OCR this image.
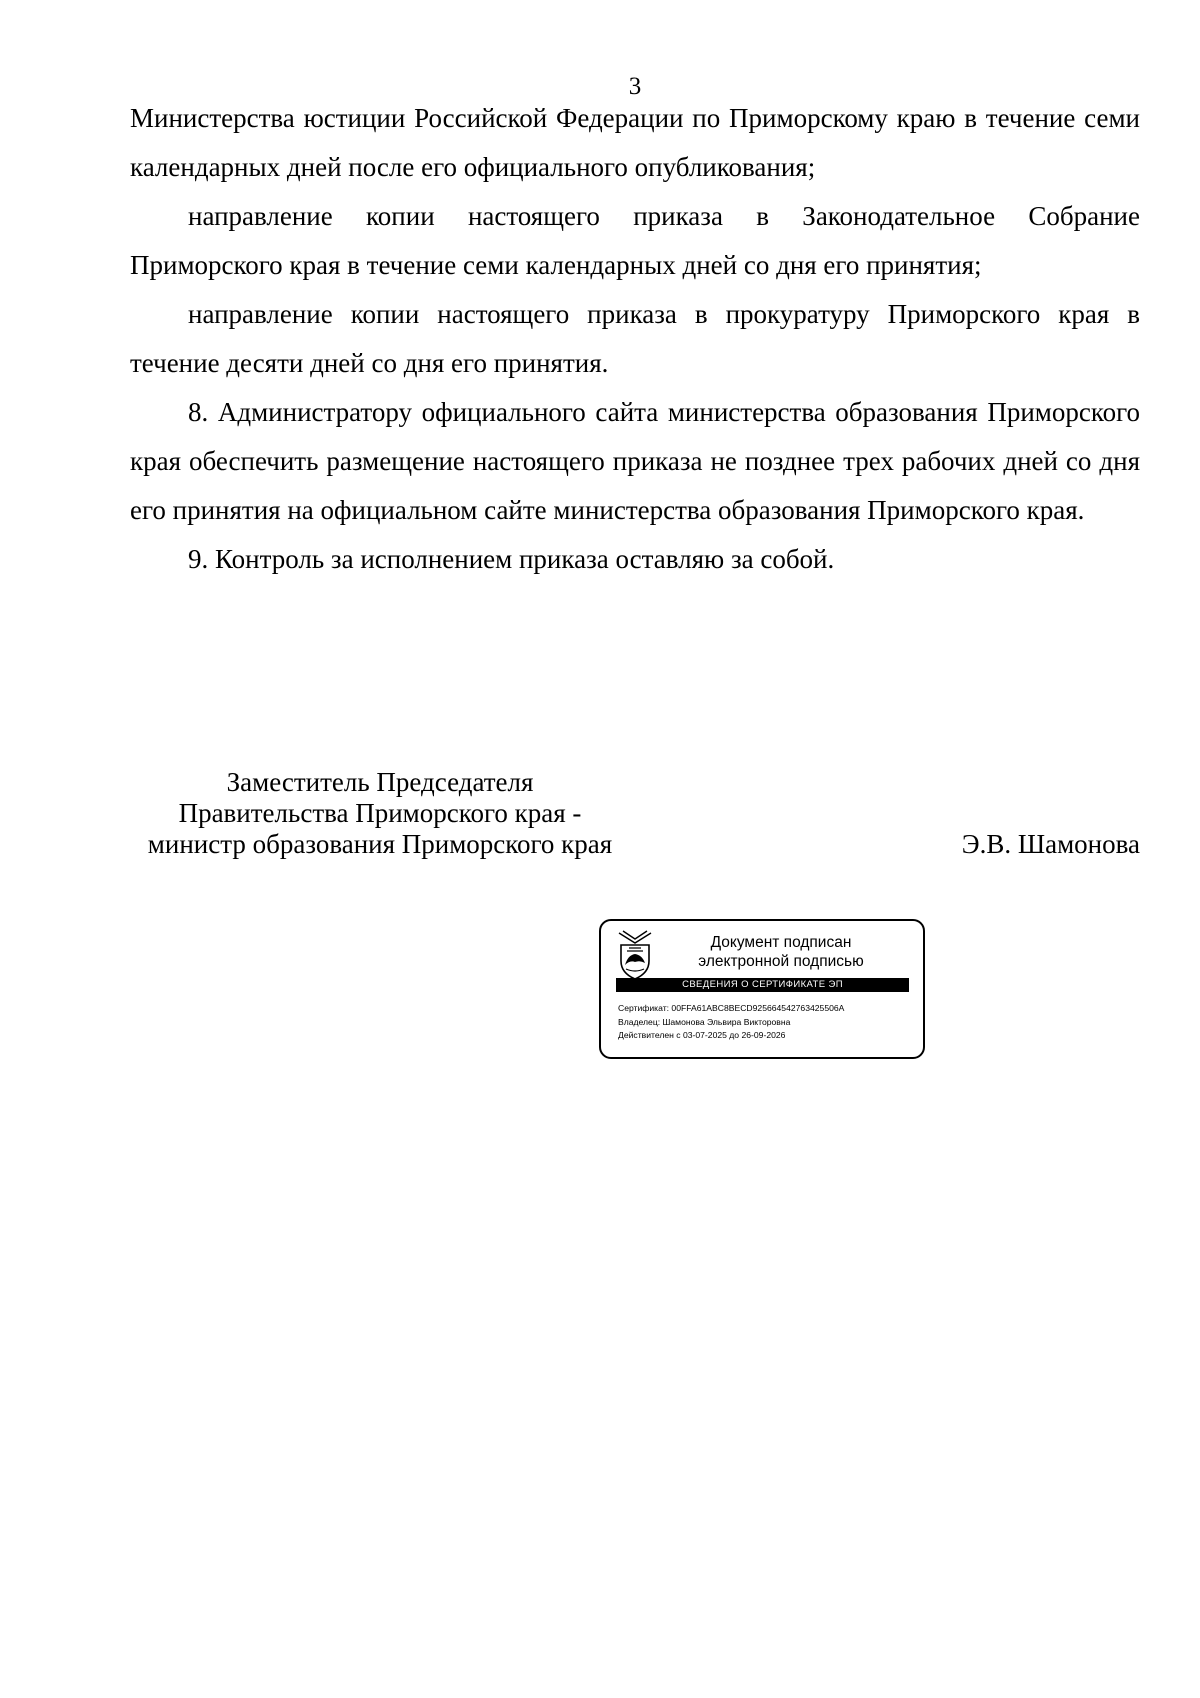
3

Министерства юстиции Российской Федерации по Приморскому краю в течение семи календарных дней после его официального опубликования;

направление копии настоящего приказа в Законодательное Собрание Приморского края в течение семи календарных дней со дня его принятия;

направление копии настоящего приказа в прокуратуру Приморского края в течение десяти дней со дня его принятия.

8. Администратору официального сайта министерства образования Приморского края обеспечить размещение настоящего приказа не позднее трех рабочих дней со дня его принятия на официальном сайте министерства образования Приморского края.

9. Контроль за исполнением приказа оставляю за собой.

Заместитель Председателя
Правительства Приморского края -
министр образования Приморского края	Э.В. Шамонова
Документ подписан
электронной подписью
СВЕДЕНИЯ О СЕРТИФИКАТЕ ЭП
Сертификат: 00FFA61ABC8BECD925664542763425506A
Владелец: Шамонова Эльвира Викторовна
Действителен с 03-07-2025 до 26-09-2026
